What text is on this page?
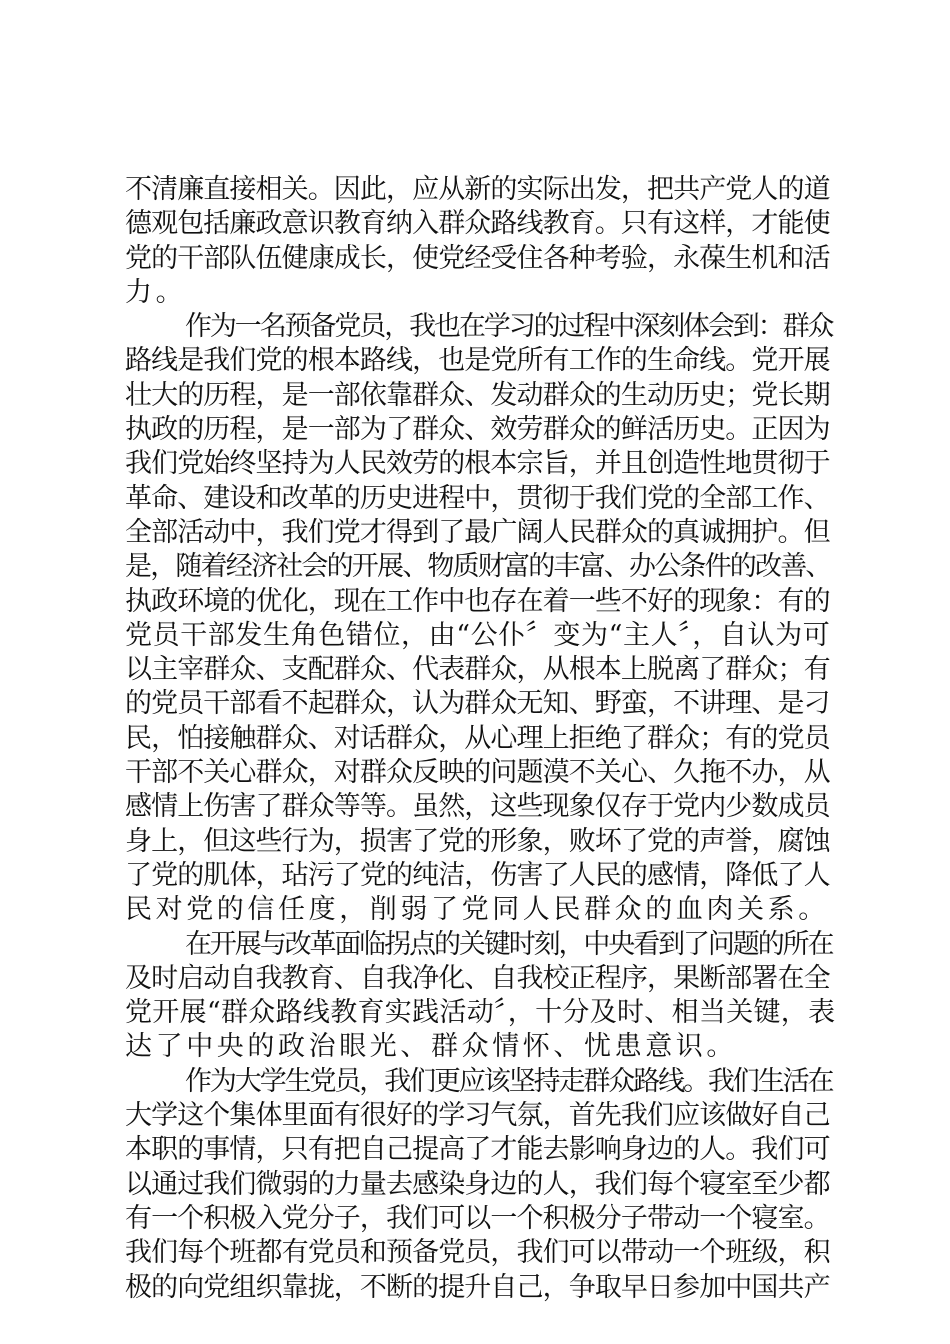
不清廉直接相关。因此，应从新的实际出发，把共产党人的道
德观包括廉政意识教育纳入群众路线教育。只有这样，才能使
党的干部队伍健康成长，使党经受住各种考验，永葆生机和活
力。
作为一名预备党员，我也在学习的过程中深刻体会到：群众
路线是我们党的根本路线，也是党所有工作的生命线。党开展
壮大的历程，是一部依靠群众、发动群众的生动历史；党长期
执政的历程，是一部为了群众、效劳群众的鲜活历史。正因为
我们党始终坚持为人民效劳的根本宗旨，并且创造性地贯彻于
革命、建设和改革的历史进程中，贯彻于我们党的全部工作、
全部活动中，我们党才得到了最广阔人民群众的真诚拥护。但
是，随着经济社会的开展、物质财富的丰富、办公条件的改善、
执政环境的优化，现在工作中也存在着一些不好的现象：有的
党员干部发生角色错位，由“公仆〞变为“主人〞，自认为可
以主宰群众、支配群众、代表群众，从根本上脱离了群众；有
的党员干部看不起群众，认为群众无知、野蛮，不讲理、是刁
民，怕接触群众、对话群众，从心理上拒绝了群众；有的党员
干部不关心群众，对群众反映的问题漠不关心、久拖不办，从
感情上伤害了群众等等。虽然，这些现象仅存于党内少数成员
身上，但这些行为，损害了党的形象，败坏了党的声誉，腐蚀
了党的肌体，玷污了党的纯洁，伤害了人民的感情，降低了人
民对党的信任度，削弱了党同人民群众的血肉关系。
在开展与改革面临拐点的关键时刻，中央看到了问题的所在
及时启动自我教育、自我净化、自我校正程序，果断部署在全
党开展“群众路线教育实践活动〞，十分及时、相当关键，表
达了中央的政治眼光、群众情怀、忧患意识。
作为大学生党员，我们更应该坚持走群众路线。我们生活在
大学这个集体里面有很好的学习气氛，首先我们应该做好自己
本职的事情，只有把自己提高了才能去影响身边的人。我们可
以通过我们微弱的力量去感染身边的人，我们每个寝室至少都
有一个积极入党分子，我们可以一个积极分子带动一个寝室。
我们每个班都有党员和预备党员，我们可以带动一个班级，积
极的向党组织靠拢，不断的提升自己，争取早日参加中国共产
